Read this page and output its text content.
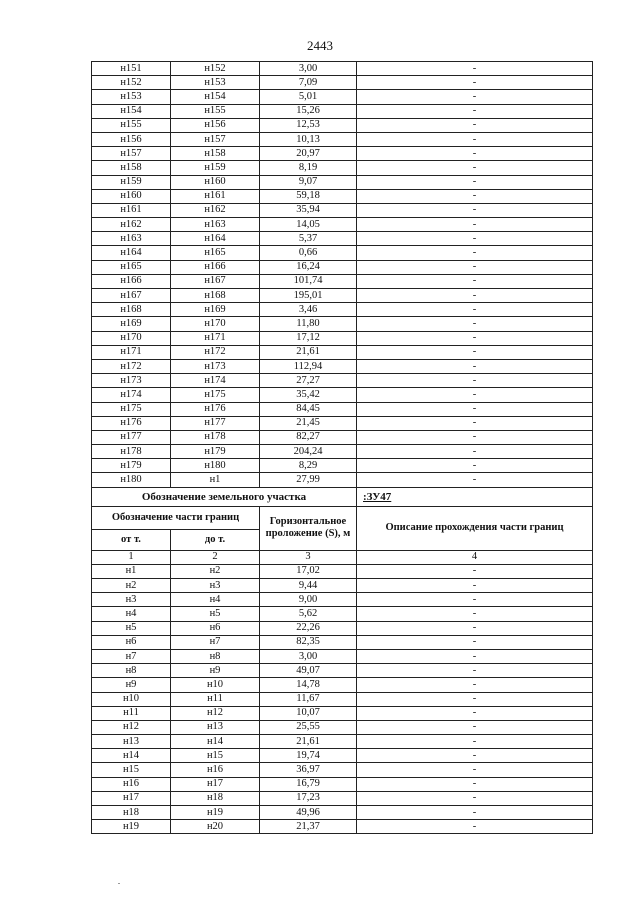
2443
н151	н152	3,00	-
н152	н153	7,09	-
н153	н154	5,01	-
н154	н155	15,26	-
н155	н156	12,53	-
н156	н157	10,13	-
н157	н158	20,97	-
н158	н159	8,19	-
н159	н160	9,07	-
н160	н161	59,18	-
н161	н162	35,94	-
н162	н163	14,05	-
н163	н164	5,37	-
н164	н165	0,66	-
н165	н166	16,24	-
н166	н167	101,74	-
н167	н168	195,01	-
н168	н169	3,46	-
н169	н170	11,80	-
н170	н171	17,12	-
н171	н172	21,61	-
н172	н173	112,94	-
н173	н174	27,27	-
н174	н175	35,42	-
н175	н176	84,45	-
н176	н177	21,45	-
н177	н178	82,27	-
н178	н179	204,24	-
н179	н180	8,29	-
н180	н1	27,99	-
Обозначение земельного участка			:ЗУ47
Обозначение части границ		Горизонтальное проложение (S), м	Описание прохождения части границ
от т.	до т.		
1	2	3	4
н1	н2	17,02	-
н2	н3	9,44	-
н3	н4	9,00	-
н4	н5	5,62	-
н5	н6	22,26	-
н6	н7	82,35	-
н7	н8	3,00	-
н8	н9	49,07	-
н9	н10	14,78	-
н10	н11	11,67	-
н11	н12	10,07	-
н12	н13	25,55	-
н13	н14	21,61	-
н14	н15	19,74	-
н15	н16	36,97	-
н16	н17	16,79	-
н17	н18	17,23	-
н18	н19	49,96	-
н19	н20	21,37	-
